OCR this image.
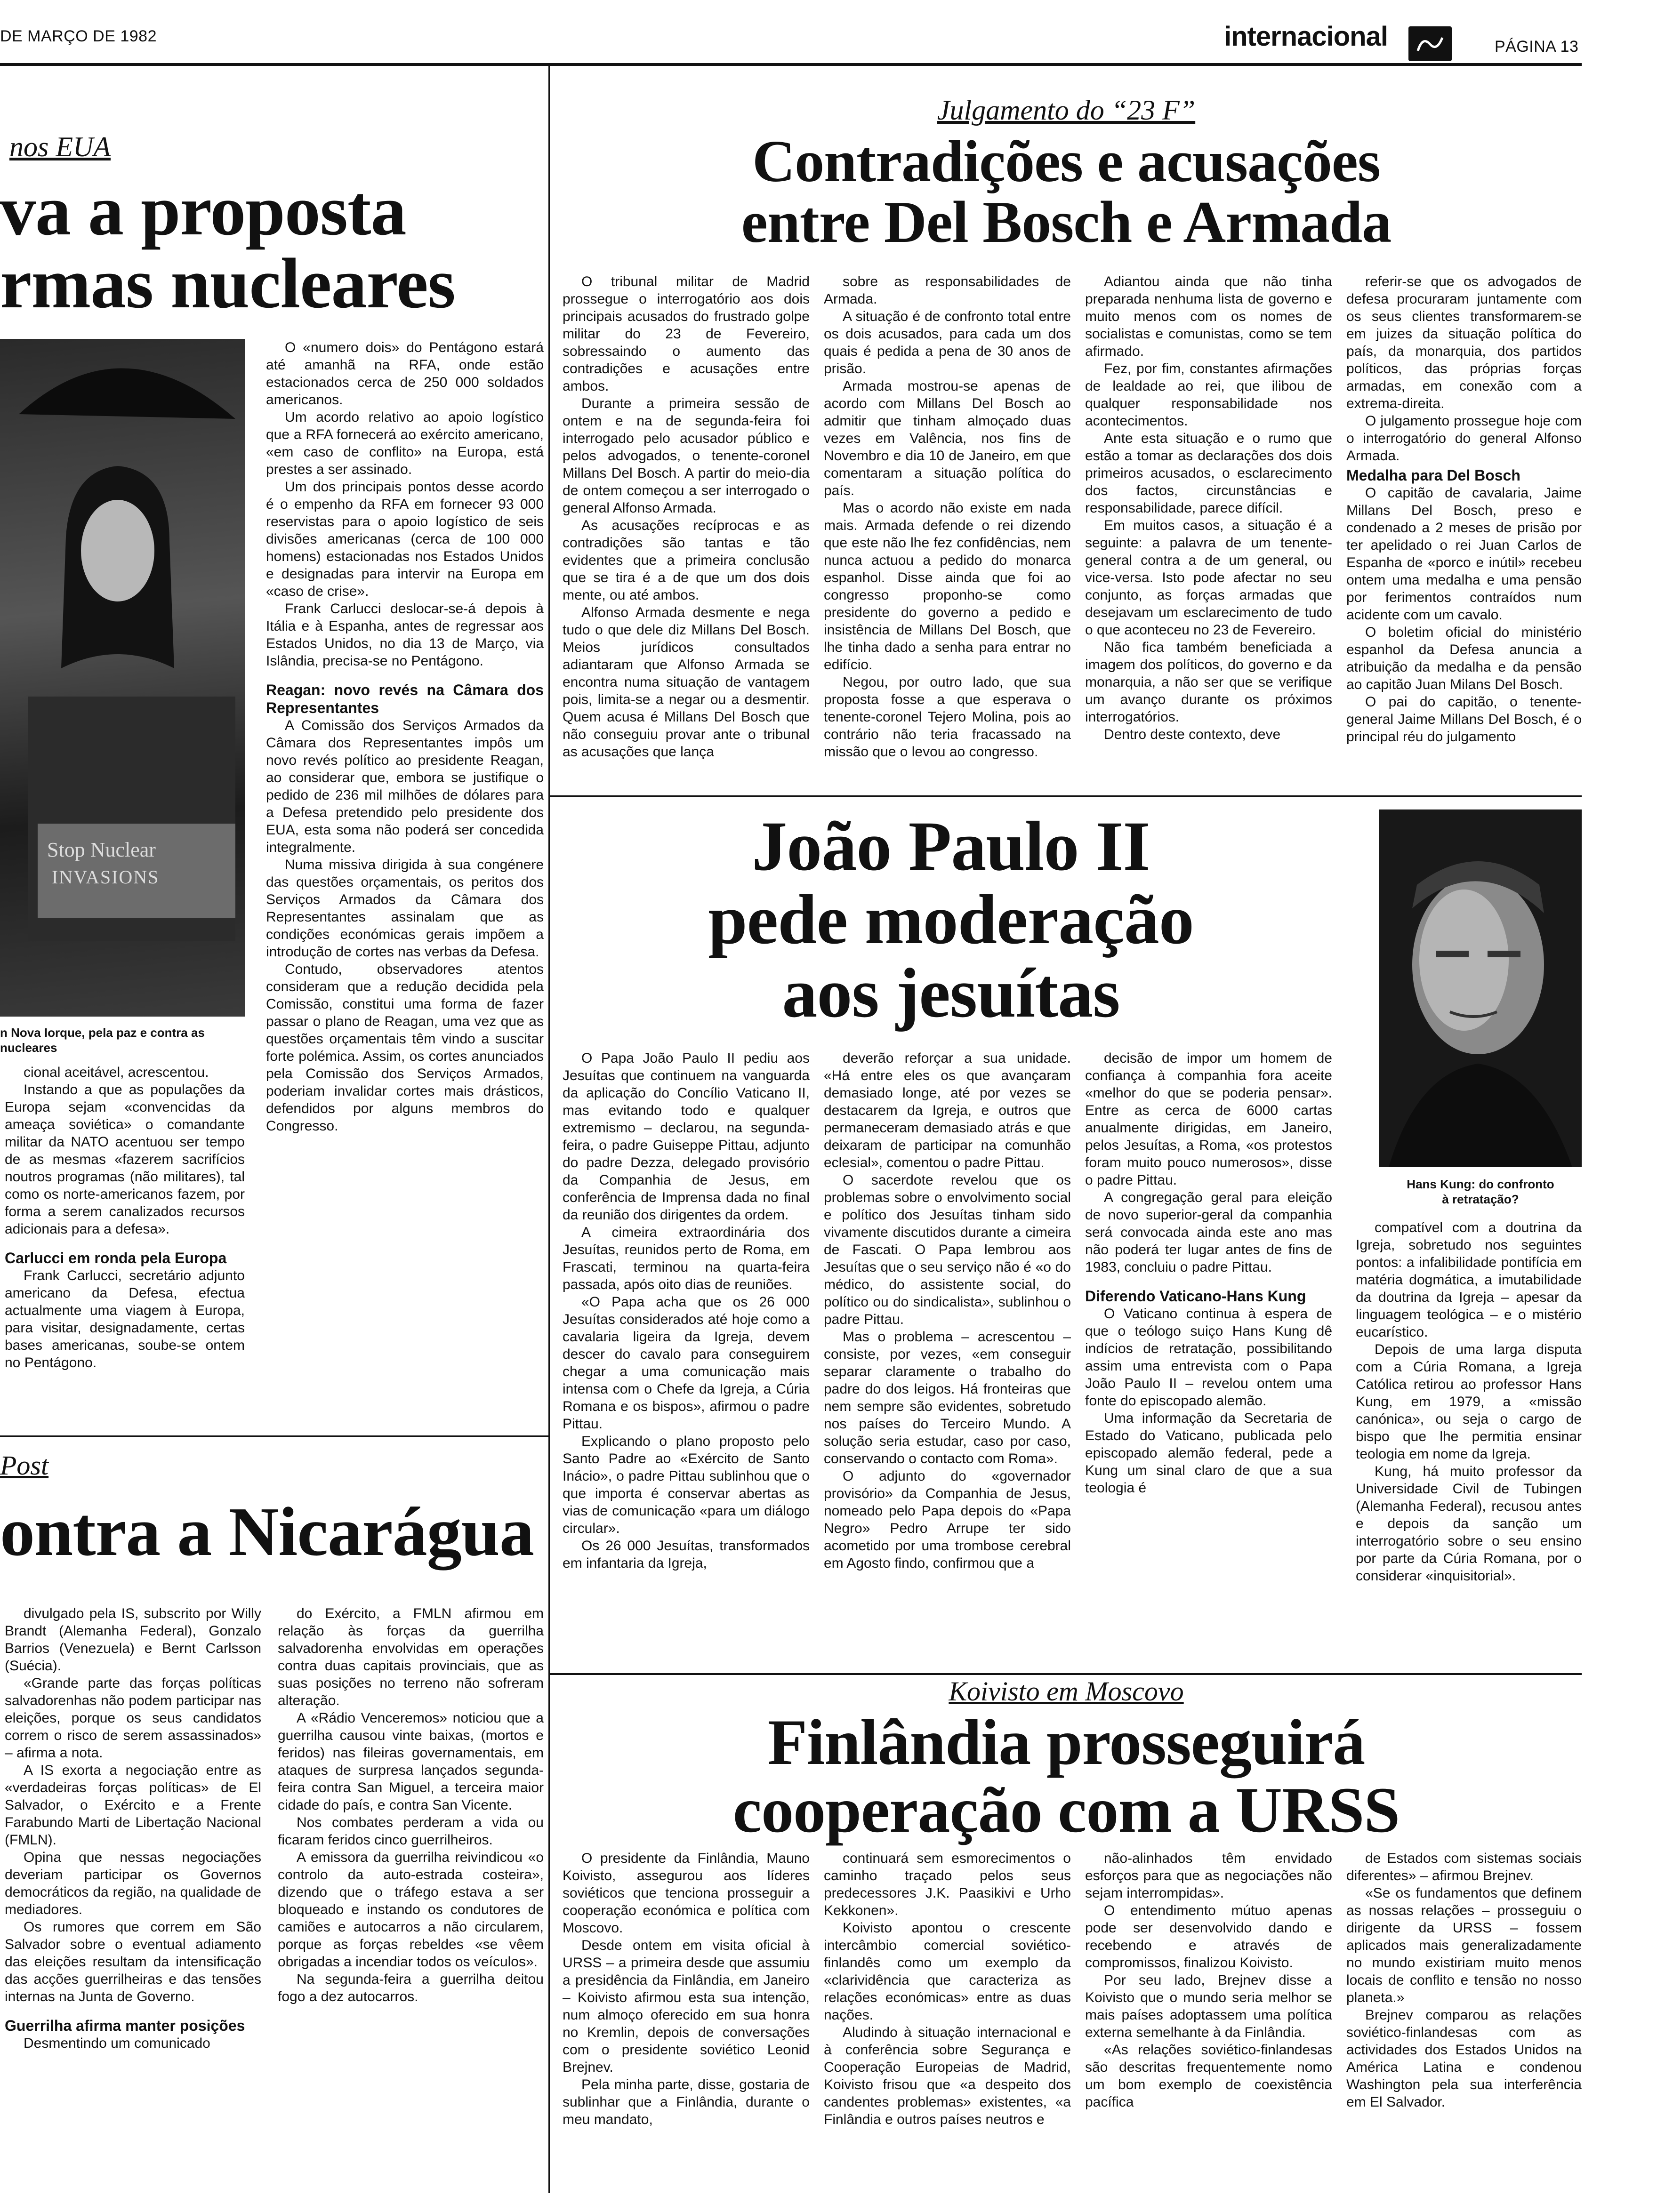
DE MARÇO DE 1982	internacional	PÁGINA 13
nos EUA
va a proposta
rmas nucleares
Stop Nuclear
INVASIONS
n Nova Iorque, pela paz e contra as
nucleares

cional aceitável, acrescentou.

Instando a que as populações da Europa sejam «convencidas da ameaça soviética» o comandante militar da NATO acentuou ser tempo de as mesmas «fazerem sacrifícios noutros programas (não militares), tal como os norte-americanos fazem, por forma a serem canalizados recursos adicionais para a defesa».

Carlucci em ronda pela Europa

Frank Carlucci, secretário adjunto americano da Defesa, efectua actualmente uma viagem à Europa, para visitar, designadamente, certas bases americanas, soube-se ontem no Pentágono.

O «numero dois» do Pentágono estará até amanhã na RFA, onde estão estacionados cerca de 250 000 soldados americanos.

Um acordo relativo ao apoio logístico que a RFA fornecerá ao exército americano, «em caso de conflito» na Europa, está prestes a ser assinado.

Um dos principais pontos desse acordo é o empenho da RFA em fornecer 93 000 reservistas para o apoio logístico de seis divisões americanas (cerca de 100 000 homens) estacionadas nos Estados Unidos e designadas para intervir na Europa em «caso de crise».

Frank Carlucci deslocar-se-á depois à Itália e à Espanha, antes de regressar aos Estados Unidos, no dia 13 de Março, via Islândia, precisa-se no Pentágono.

Reagan: novo revés na Câmara dos Representantes

A Comissão dos Serviços Armados da Câmara dos Representantes impôs um novo revés político ao presidente Reagan, ao considerar que, embora se justifique o pedido de 236 mil milhões de dólares para a Defesa pretendido pelo presidente dos EUA, esta soma não poderá ser concedida integralmente.

Numa missiva dirigida à sua congénere das questões orçamentais, os peritos dos Serviços Armados da Câmara dos Representantes assinalam que as condições económicas gerais impõem a introdução de cortes nas verbas da Defesa.

Contudo, observadores atentos consideram que a redução decidida pela Comissão, constitui uma forma de fazer passar o plano de Reagan, uma vez que as questões orçamentais têm vindo a suscitar forte polémica. Assim, os cortes anunciados pela Comissão dos Serviços Armados, poderiam invalidar cortes mais drásticos, defendidos por alguns membros do Congresso.

Post
ontra a Nicarágua

divulgado pela IS, subscrito por Willy Brandt (Alemanha Federal), Gonzalo Barrios (Venezuela) e Bernt Carlsson (Suécia).

«Grande parte das forças políticas salvadorenhas não podem participar nas eleições, porque os seus candidatos correm o risco de serem assassinados» – afirma a nota.

A IS exorta a negociação entre as «verdadeiras forças políticas» de El Salvador, o Exército e a Frente Farabundo Marti de Libertação Nacional (FMLN).

Opina que nessas negociações deveriam participar os Governos democráticos da região, na qualidade de mediadores.

Os rumores que correm em São Salvador sobre o eventual adiamento das eleições resultam da intensificação das acções guerrilheiras e das tensões internas na Junta de Governo.

Guerrilha afirma manter posições

Desmentindo um comunicado

do Exército, a FMLN afirmou em relação às forças da guerrilha salvadorenha envolvidas em operações contra duas capitais provinciais, que as suas posições no terreno não sofreram alteração.

A «Rádio Venceremos» noticiou que a guerrilha causou vinte baixas, (mortos e feridos) nas fileiras governamentais, em ataques de surpresa lançados segunda-feira contra San Miguel, a terceira maior cidade do país, e contra San Vicente.

Nos combates perderam a vida ou ficaram feridos cinco guerrilheiros.

A emissora da guerrilha reivindicou «o controlo da auto-estrada costeira», dizendo que o tráfego estava a ser bloqueado e instando os condutores de camiões e autocarros a não circularem, porque as forças rebeldes «se vêem obrigadas a incendiar todos os veículos».

Na segunda-feira a guerrilha deitou fogo a dez autocarros.

Julgamento do “23 F”
Contradições e acusações
entre Del Bosch e Armada

O tribunal militar de Madrid prossegue o interrogatório aos dois principais acusados do frustrado golpe militar do 23 de Fevereiro, sobressaindo o aumento das contradições e acusações entre ambos.

Durante a primeira sessão de ontem e na de segunda-feira foi interrogado pelo acusador público e pelos advogados, o tenente-coronel Millans Del Bosch. A partir do meio-dia de ontem começou a ser interrogado o general Alfonso Armada.

As acusações recíprocas e as contradições são tantas e tão evidentes que a primeira conclusão que se tira é a de que um dos dois mente, ou até ambos.

Alfonso Armada desmente e nega tudo o que dele diz Millans Del Bosch. Meios jurídicos consultados adiantaram que Alfonso Armada se encontra numa situação de vantagem pois, limita-se a negar ou a desmentir. Quem acusa é Millans Del Bosch que não conseguiu provar ante o tribunal as acusações que lança

sobre as responsabilidades de Armada.

A situação é de confronto total entre os dois acusados, para cada um dos quais é pedida a pena de 30 anos de prisão.

Armada mostrou-se apenas de acordo com Millans Del Bosch ao admitir que tinham almoçado duas vezes em Valência, nos fins de Novembro e dia 10 de Janeiro, em que comentaram a situação política do país.

Mas o acordo não existe em nada mais. Armada defende o rei dizendo que este não lhe fez confidências, nem nunca actuou a pedido do monarca espanhol. Disse ainda que foi ao congresso proponho-se como presidente do governo a pedido e insistência de Millans Del Bosch, que lhe tinha dado a senha para entrar no edifício.

Negou, por outro lado, que sua proposta fosse a que esperava o tenente-coronel Tejero Molina, pois ao contrário não teria fracassado na missão que o levou ao congresso.

Adiantou ainda que não tinha preparada nenhuma lista de governo e muito menos com os nomes de socialistas e comunistas, como se tem afirmado.

Fez, por fim, constantes afirmações de lealdade ao rei, que ilibou de qualquer responsabilidade nos acontecimentos.

Ante esta situação e o rumo que estão a tomar as declarações dos dois primeiros acusados, o esclarecimento dos factos, circunstâncias e responsabilidade, parece difícil.

Em muitos casos, a situação é a seguinte: a palavra de um tenente-general contra a de um general, ou vice-versa. Isto pode afectar no seu conjunto, as forças armadas que desejavam um esclarecimento de tudo o que aconteceu no 23 de Fevereiro.

Não fica também beneficiada a imagem dos políticos, do governo e da monarquia, a não ser que se verifique um avanço durante os próximos interrogatórios.

Dentro deste contexto, deve

referir-se que os advogados de defesa procuraram juntamente com os seus clientes transformarem-se em juizes da situação política do país, da monarquia, dos partidos políticos, das próprias forças armadas, em conexão com a extrema-direita.

O julgamento prossegue hoje com o interrogatório do general Alfonso Armada.

Medalha para Del Bosch

O capitão de cavalaria, Jaime Millans Del Bosch, preso e condenado a 2 meses de prisão por ter apelidado o rei Juan Carlos de Espanha de «porco e inútil» recebeu ontem uma medalha e uma pensão por ferimentos contraídos num acidente com um cavalo.

O boletim oficial do ministério espanhol da Defesa anuncia a atribuição da medalha e da pensão ao capitão Juan Milans Del Bosch.

O pai do capitão, o tenente-general Jaime Millans Del Bosch, é o principal réu do julgamento

João Paulo II
pede moderação
aos jesuítas
Hans Kung: do confronto
à retratação?

O Papa João Paulo II pediu aos Jesuítas que continuem na vanguarda da aplicação do Concílio Vaticano II, mas evitando todo e qualquer extremismo – declarou, na segunda-feira, o padre Guiseppe Pittau, adjunto do padre Dezza, delegado provisório da Companhia de Jesus, em conferência de Imprensa dada no final da reunião dos dirigentes da ordem.

A cimeira extraordinária dos Jesuítas, reunidos perto de Roma, em Frascati, terminou na quarta-feira passada, após oito dias de reuniões.

«O Papa acha que os 26 000 Jesuítas considerados até hoje como a cavalaria ligeira da Igreja, devem descer do cavalo para conseguirem chegar a uma comunicação mais intensa com o Chefe da Igreja, a Cúria Romana e os bispos», afirmou o padre Pittau.

Explicando o plano proposto pelo Santo Padre ao «Exército de Santo Inácio», o padre Pittau sublinhou que o que importa é conservar abertas as vias de comunicação «para um diálogo circular».

Os 26 000 Jesuítas, transformados em infantaria da Igreja,

deverão reforçar a sua unidade. «Há entre eles os que avançaram demasiado longe, até por vezes se destacarem da Igreja, e outros que permaneceram demasiado atrás e que deixaram de participar na comunhão eclesial», comentou o padre Pittau.

O sacerdote revelou que os problemas sobre o envolvimento social e político dos Jesuítas tinham sido vivamente discutidos durante a cimeira de Fascati. O Papa lembrou aos Jesuítas que o seu serviço não é «o do médico, do assistente social, do político ou do sindicalista», sublinhou o padre Pittau.

Mas o problema – acrescentou – consiste, por vezes, «em conseguir separar claramente o trabalho do padre do dos leigos. Há fronteiras que nem sempre são evidentes, sobretudo nos países do Terceiro Mundo. A solução seria estudar, caso por caso, conservando o contacto com Roma».

O adjunto do «governador provisório» da Companhia de Jesus, nomeado pelo Papa depois do «Papa Negro» Pedro Arrupe ter sido acometido por uma trombose cerebral em Agosto findo, confirmou que a

decisão de impor um homem de confiança à companhia fora aceite «melhor do que se poderia pensar». Entre as cerca de 6000 cartas anualmente dirigidas, em Janeiro, pelos Jesuítas, a Roma, «os protestos foram muito pouco numerosos», disse o padre Pittau.

A congregação geral para eleição de novo superior-geral da companhia será convocada ainda este ano mas não poderá ter lugar antes de fins de 1983, concluiu o padre Pittau.

Diferendo Vaticano-Hans Kung

O Vaticano continua à espera de que o teólogo suiço Hans Kung dê indícios de retratação, possibilitando assim uma entrevista com o Papa João Paulo II – revelou ontem uma fonte do episcopado alemão.

Uma informação da Secretaria de Estado do Vaticano, publicada pelo episcopado alemão federal, pede a Kung um sinal claro de que a sua teologia é

compatível com a doutrina da Igreja, sobretudo nos seguintes pontos: a infalibilidade pontifícia em matéria dogmática, a imutabilidade da doutrina da Igreja – apesar da linguagem teológica – e o mistério eucarístico.

Depois de uma larga disputa com a Cúria Romana, a Igreja Católica retirou ao professor Hans Kung, em 1979, a «missão canónica», ou seja o cargo de bispo que lhe permitia ensinar teologia em nome da Igreja.

Kung, há muito professor da Universidade Civil de Tubingen (Alemanha Federal), recusou antes e depois da sanção um interrogatório sobre o seu ensino por parte da Cúria Romana, por o considerar «inquisitorial».

Koivisto em Moscovo
Finlândia prosseguirá
cooperação com a URSS

O presidente da Finlândia, Mauno Koivisto, assegurou aos líderes soviéticos que tenciona prosseguir a cooperação económica e política com Moscovo.

Desde ontem em visita oficial à URSS – a primeira desde que assumiu a presidência da Finlândia, em Janeiro – Koivisto afirmou esta sua intenção, num almoço oferecido em sua honra no Kremlin, depois de conversações com o presidente soviético Leonid Brejnev.

Pela minha parte, disse, gostaria de sublinhar que a Finlândia, durante o meu mandato,

continuará sem esmorecimentos o caminho traçado pelos seus predecessores J.K. Paasikivi e Urho Kekkonen».

Koivisto apontou o crescente intercâmbio comercial soviético-finlandês como um exemplo da «clarividência que caracteriza as relações económicas» entre as duas nações.

Aludindo à situação internacional e à conferência sobre Segurança e Cooperação Europeias de Madrid, Koivisto frisou que «a despeito dos candentes problemas» existentes, «a Finlândia e outros países neutros e

não-alinhados têm envidado esforços para que as negociações não sejam interrompidas».

O entendimento mútuo apenas pode ser desenvolvido dando e recebendo e através de compromissos, finalizou Koivisto.

Por seu lado, Brejnev disse a Koivisto que o mundo seria melhor se mais países adoptassem uma política externa semelhante à da Finlândia.

«As relações soviético-finlandesas são descritas frequentemente nomo um bom exemplo de coexistência pacífica

de Estados com sistemas sociais diferentes» – afirmou Brejnev.

«Se os fundamentos que definem as nossas relações – prosseguiu o dirigente da URSS – fossem aplicados mais generalizadamente no mundo existiriam muito menos locais de conflito e tensão no nosso planeta.»

Brejnev comparou as relações soviético-finlandesas com as actividades dos Estados Unidos na América Latina e condenou Washington pela sua interferência em El Salvador.
